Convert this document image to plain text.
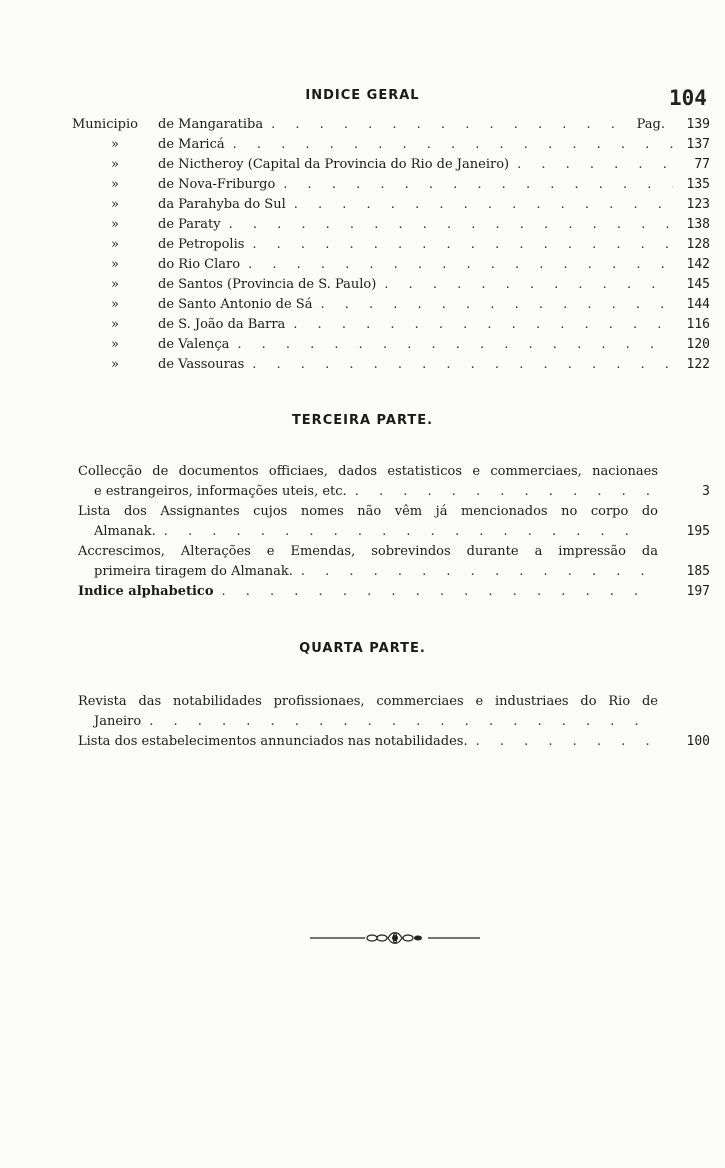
104
INDICE GERAL
Municipio	de Mangaratiba . . .	Pag.	139
»	de Maricá . . .	137
»	de Nictheroy (Capital da Provincia do Rio de Janeiro) . . .	77
»	de Nova-Friburgo . . .	135
»	da Parahyba do Sul . . .	123
»	de Paraty . . .	138
»	de Petropolis . . .	128
»	do Rio Claro . . .	142
»	de Santos (Provincia de S. Paulo) . . .	145
»	de Santo Antonio de Sá . . .	144
»	de S. João da Barra . . .	116
»	de Valença . . .	120
»	de Vassouras . . .	122
TERCEIRA PARTE.
Collecção de documentos officiaes, dados estatisticos e commerciaes, nacionaes
e estrangeiros, informações uteis, etc. . . .	3
Lista dos Assignantes cujos nomes não vêm já mencionados no corpo do
Almanak. . . .	195
Accrescimos, Alterações e Emendas, sobrevindos durante a impressão da
primeira tiragem do Almanak. . . .	185
Indice alphabetico . . .	197
QUARTA PARTE.
Revista das notabilidades profissionaes, commerciaes e industriaes do Rio de
Janeiro
. . .
Lista dos estabelecimentos annunciados nas notabilidades. . . .	100
